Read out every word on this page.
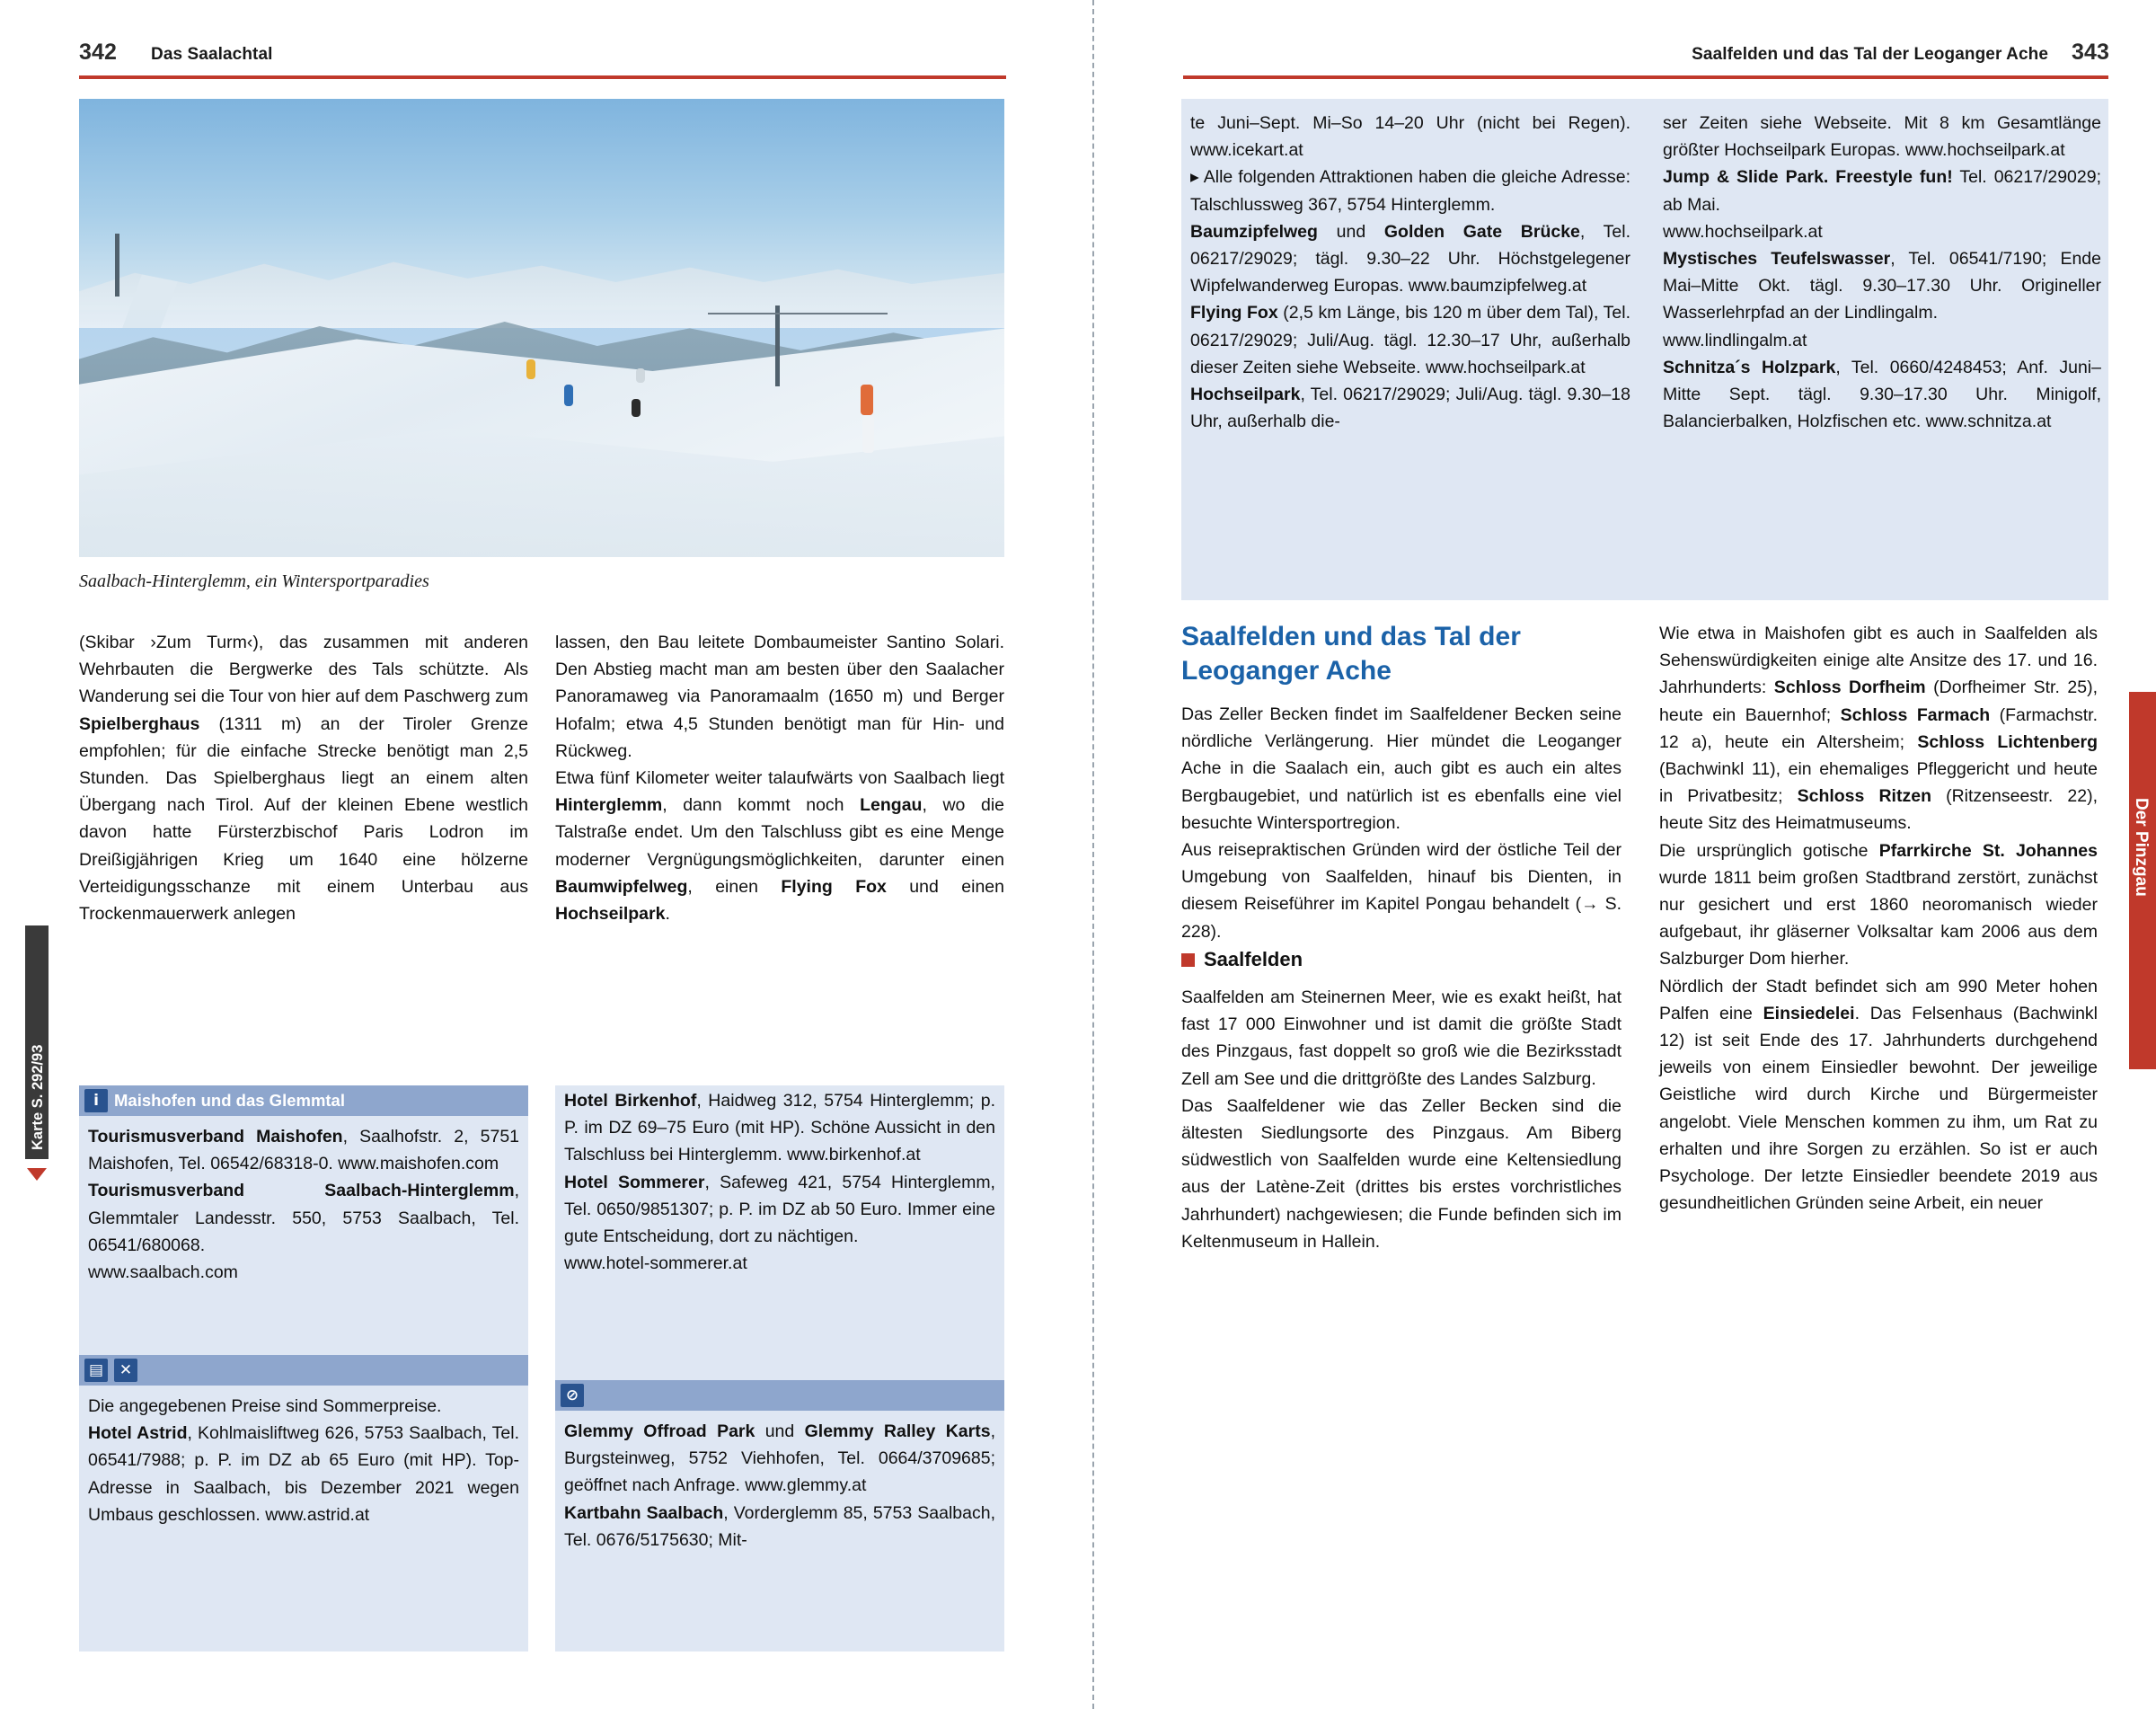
342 Das Saalachtal
Saalbach-Hinterglemm, ein Wintersportparadies
(Skibar ›Zum Turm‹), das zusammen mit anderen Wehrbauten die Bergwerke des Tals schützte. Als Wanderung sei die Tour von hier auf dem Paschwerg zum Spielberghaus (1311 m) an der Tiroler Grenze empfohlen; für die einfache Strecke benötigt man 2,5 Stunden. Das Spielberghaus liegt an einem alten Übergang nach Tirol. Auf der kleinen Ebene westlich davon hatte Fürsterzbischof Paris Lodron im Dreißigjährigen Krieg um 1640 eine hölzerne Verteidigungsschanze mit einem Unterbau aus Trockenmauerwerk anlegen
lassen, den Bau leitete Dombaumeister Santino Solari. Den Abstieg macht man am besten über den Saalacher Panoramaweg via Panoramaalm (1650 m) und Berger Hofalm; etwa 4,5 Stunden benötigt man für Hin- und Rückweg.
Etwa fünf Kilometer weiter talaufwärts von Saalbach liegt Hinterglemm, dann kommt noch Lengau, wo die Talstraße endet. Um den Talschluss gibt es eine Menge moderner Vergnügungsmöglichkeiten, darunter einen Baumwipfelweg, einen Flying Fox und einen Hochseilpark.
i Maishofen und das Glemmtal
Tourismusverband Maishofen, Saalhofstr. 2, 5751 Maishofen, Tel. 06542/68318-0. www.maishofen.com
Tourismusverband Saalbach-Hinterglemm, Glemmtaler Landesstr. 550, 5753 Saalbach, Tel. 06541/680068.
www.saalbach.com
▤	✕
Die angegebenen Preise sind Sommerpreise.
Hotel Astrid, Kohlmaisliftweg 626, 5753 Saalbach, Tel. 06541/7988; p. P. im DZ ab 65 Euro (mit HP). Top-Adresse in Saalbach, bis Dezember 2021 wegen Umbaus geschlossen. www.astrid.at
Hotel Birkenhof, Haidweg 312, 5754 Hinterglemm; p. P. im DZ 69–75 Euro (mit HP). Schöne Aussicht in den Talschluss bei Hinterglemm. www.birkenhof.at
Hotel Sommerer, Safeweg 421, 5754 Hinterglemm, Tel. 0650/9851307; p. P. im DZ ab 50 Euro. Immer eine gute Entscheidung, dort zu nächtigen.
www.hotel-sommerer.at
⊘
Glemmy Offroad Park und Glemmy Ralley Karts, Burgsteinweg, 5752 Viehhofen, Tel. 0664/3709685; geöffnet nach Anfrage. www.glemmy.at
Kartbahn Saalbach, Vorderglemm 85, 5753 Saalbach, Tel. 0676/5175630; Mit-
Karte S. 292/93
Saalfelden und das Tal der Leoganger Ache 343
te Juni–Sept. Mi–So 14–20 Uhr (nicht bei Regen). www.icekart.at
▸ Alle folgenden Attraktionen haben die gleiche Adresse: Talschlussweg 367, 5754 Hinterglemm.
Baumzipfelweg und Golden Gate Brücke, Tel. 06217/29029; tägl. 9.30–22 Uhr. Höchstgelegener Wipfelwanderweg Europas. www.baumzipfelweg.at
Flying Fox (2,5 km Länge, bis 120 m über dem Tal), Tel. 06217/29029; Juli/Aug. tägl. 12.30–17 Uhr, außerhalb dieser Zeiten siehe Webseite. www.hochseilpark.at
Hochseilpark, Tel. 06217/29029; Juli/Aug. tägl. 9.30–18 Uhr, außerhalb die-
ser Zeiten siehe Webseite. Mit 8 km Gesamtlänge größter Hochseilpark Europas. www.hochseilpark.at
Jump & Slide Park. Freestyle fun! Tel. 06217/29029; ab Mai.
www.hochseilpark.at
Mystisches Teufelswasser, Tel. 06541/7190; Ende Mai–Mitte Okt. tägl. 9.30–17.30 Uhr. Origineller Wasserlehrpfad an der Lindlingalm.
www.lindlingalm.at
Schnitza´s Holzpark, Tel. 0660/4248453; Anf. Juni–Mitte Sept. tägl. 9.30–17.30 Uhr. Minigolf, Balancierbalken, Holzfischen etc. www.schnitza.at
Saalfelden und das Tal der Leoganger Ache
Das Zeller Becken findet im Saalfeldener Becken seine nördliche Verlängerung. Hier mündet die Leoganger Ache in die Saalach ein, auch gibt es auch ein altes Bergbaugebiet, und natürlich ist es ebenfalls eine viel besuchte Wintersportregion.
Aus reisepraktischen Gründen wird der östliche Teil der Umgebung von Saalfelden, hinauf bis Dienten, in diesem Reiseführer im Kapitel Pongau behandelt (→ S. 228).
Saalfelden
Saalfelden am Steinernen Meer, wie es exakt heißt, hat fast 17 000 Einwohner und ist damit die größte Stadt des Pinzgaus, fast doppelt so groß wie die Bezirksstadt Zell am See und die drittgrößte des Landes Salzburg.
Das Saalfeldener wie das Zeller Becken sind die ältesten Siedlungsorte des Pinzgaus. Am Biberg südwestlich von Saalfelden wurde eine Keltensiedlung aus der Latène-Zeit (drittes bis erstes vorchristliches Jahrhundert) nachgewiesen; die Funde befinden sich im Keltenmuseum in Hallein.
Wie etwa in Maishofen gibt es auch in Saalfelden als Sehenswürdigkeiten einige alte Ansitze des 17. und 16. Jahrhunderts: Schloss Dorfheim (Dorfheimer Str. 25), heute ein Bauernhof; Schloss Farmach (Farmachstr. 12 a), heute ein Altersheim; Schloss Lichtenberg (Bachwinkl 11), ein ehemaliges Pfleggericht und heute in Privatbesitz; Schloss Ritzen (Ritzenseestr. 22), heute Sitz des Heimatmuseums.
Die ursprünglich gotische Pfarrkirche St. Johannes wurde 1811 beim großen Stadtbrand zerstört, zunächst nur gesichert und erst 1860 neoromanisch wieder aufgebaut, ihr gläserner Volksaltar kam 2006 aus dem Salzburger Dom hierher.
Nördlich der Stadt befindet sich am 990 Meter hohen Palfen eine Einsiedelei. Das Felsenhaus (Bachwinkl 12) ist seit Ende des 17. Jahrhunderts durchgehend jeweils von einem Einsiedler bewohnt. Der jeweilige Geistliche wird durch Kirche und Bürgermeister angelobt. Viele Menschen kommen zu ihm, um Rat zu erhalten und ihre Sorgen zu erzählen. So ist er auch Psychologe. Der letzte Einsiedler beendete 2019 aus gesundheitlichen Gründen seine Arbeit, ein neuer
Der Pinzgau
